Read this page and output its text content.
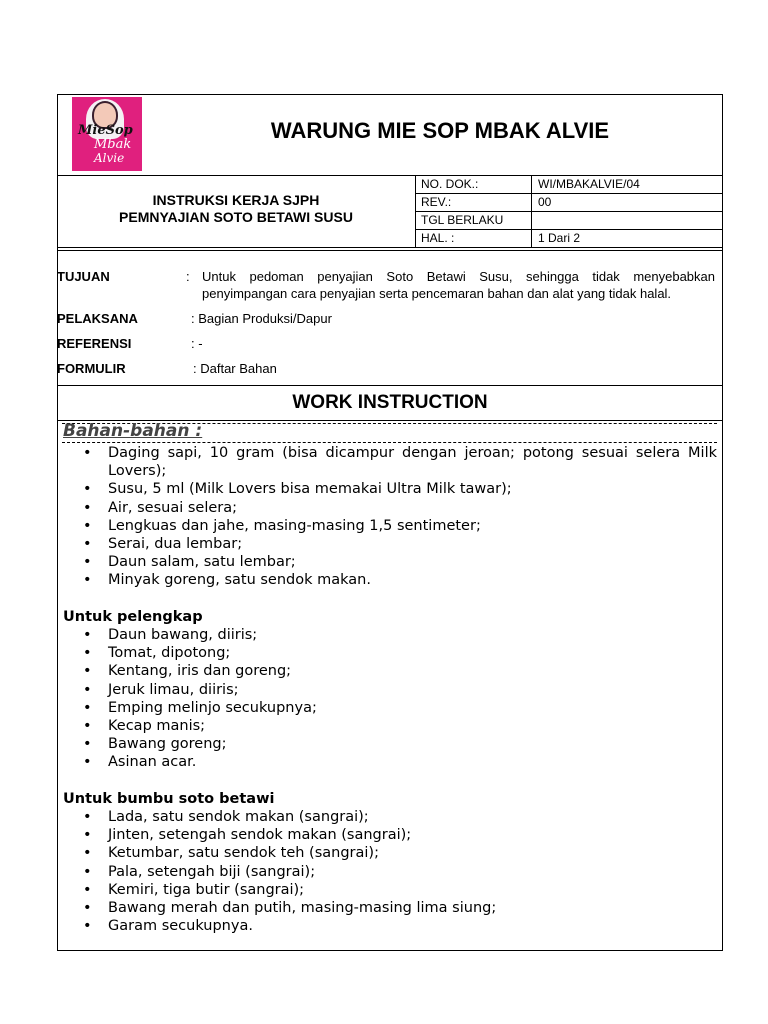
MieSop
Mbak
Alvie
WARUNG MIE SOP MBAK ALVIE
INSTRUKSI KERJA SJPH
PEMNYAJIAN SOTO BETAWI SUSU
NO. DOK.:	WI/MBAKALVIE/04
REV.:	00
TGL BERLAKU
HAL. :	1 Dari 2
TUJUAN	: Untuk pedoman penyajian Soto Betawi Susu, sehingga tidak menyebabkan
penyimpangan cara penyajian serta pencemaran bahan dan alat yang tidak halal.
PELAKSANA	: Bagian Produksi/Dapur
REFERENSI	: -
FORMULIR	: Daftar Bahan
WORK INSTRUCTION
Bahan-bahan :
• Daging sapi, 10 gram (bisa dicampur dengan jeroan; potong sesuai selera Milk Lovers);
• Susu, 5 ml (Milk Lovers bisa memakai Ultra Milk tawar);
• Air, sesuai selera;
• Lengkuas dan jahe, masing-masing 1,5 sentimeter;
• Serai, dua lembar;
• Daun salam, satu lembar;
• Minyak goreng, satu sendok makan.
Untuk pelengkap
• Daun bawang, diiris;
• Tomat, dipotong;
• Kentang, iris dan goreng;
• Jeruk limau, diiris;
• Emping melinjo secukupnya;
• Kecap manis;
• Bawang goreng;
• Asinan acar.
Untuk bumbu soto betawi
• Lada, satu sendok makan (sangrai);
• Jinten, setengah sendok makan (sangrai);
• Ketumbar, satu sendok teh (sangrai);
• Pala, setengah biji (sangrai);
• Kemiri, tiga butir (sangrai);
• Bawang merah dan putih, masing-masing lima siung;
• Garam secukupnya.
